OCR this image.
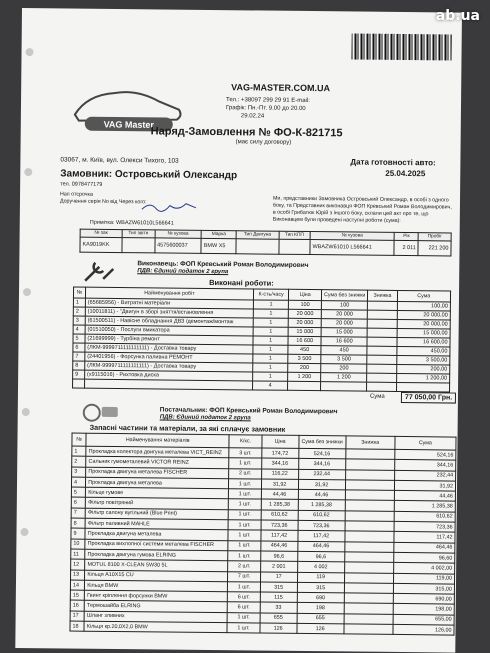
VAG Master
VAG-MASTER.COM.UA
Тел.: +38097 299 29 91 E-mail:
Графік: Пн.-Пт. 9.00 до 20.00
29.02.24
Наряд-Замовлення № ФО-К-821715
(має силу договору)
Дата готовності авто:
25.04.2025
03067, м. Київ, вул. Олекси Тихого, 103
Замовник: Островський Олександр
тел. 0978477179
Нап отсрочка
Доручення серія No від Через кого:	Ми, представники Замовника Островський Олександр, в особі з одного боку, та Представник виконавця ФОП Кревський Роман Володимирович, в особі Грибатюк Юрій з іншого боку, склали цей акт про те, що Виконавцем були проведені наступні роботи (сума):
Примітка: WBAZW61010L566641
№ зак	Тип звітн	№ кузова	Марка	Тип Двигуна	Тип КПП	№ кузова	Рік	Пробіг
KA9019KK		4575600037	BMW X5			WBAZW61010 L566641	2 011	221 200
Виконавець: ФОП Кревський Роман Володимирович
ПДВ: Єдиний податок 2 група
Виконані роботи:
№	Найменування робіт	К-сть/часу	Ціна	Сума без знижки	Знижка	Сума
1	(65685956) - Витратні матеріали	1	100	100		100,00
2	(10011811) - "Двигун в зборі зняття/встановлення	1	20 000	20 000		20 000,00
3	(61500511) - Навісне обладнання ДВЗ /демонтаж/монтаж	1	20 000	20 000		20 000,00
4	(01510050) - Послуги вмикатора	1	15 000	15 000		15 000,00
5	(21699999) - Турбіна ремонт	1	16 600	16 600		16 600,00
6	(ЛКМ-9999711111111111) - Доставка товару	1	450	450		450,00
7	(24401956) - Форсунка паливна РЕМОНТ	1	3 500	3 500		3 500,00
8	(ЛКМ-9999711111111111) - Доставка товару	1	200	200		200,00
9	(х9115016) - Рихтовка диска	1	1 200	1 200		1 200,00
		4				
Сума	77 050,00 Грн.
Постачальник: ФОП Кревський Роман Володимирович
ПДВ: Єдиний податок 2 група
Запасні частини та матеріали, за які сплачує замовник
№	Найменування матеріалів	К/кс.	Ціна	Сума без знижки	Знижка	Сума
1	Прокладка колектора двигуна металева VICT_REINZ	3 шт.	174,72	524,16		524,16
2	Сальник гумометалевий VICTOR REINZ	1 шт.	344,16	344,16		344,16
3	Прокладка двигуна металева FISCHER	2 шт.	116,22	232,44		232,44
4	Прокладка двигуна металева	1 шт.	31,92	31,92		31,92
5	Кільце гумове	1 шт.	44,46	44,46		44,46
6	Фільтр повітряний	1 шт.	1 285,38	1 285,38		1 285,38
7	Фільтр салону вугільний (Blue Print)	1 шт.	610,62	610,62		610,62
8	Фільтр паливний MAHLE	1 шт.	723,36	723,36		723,36
9	Прокладка двигуна металева	1 шт.	117,42	117,42		117,42
10	Прокладка вихлопної системи металева FISCHER	1 шт.	464,46	464,46		464,46
11	Прокладка двигуна гумова ELRING	1 шт.	96,6	96,6		96,60
12	MOTUL 8100 X-CLEAN 5W30 5L	2 шт.	2 001	4 002		4 002,00
13	Кільця A10X15 CU	7 шт.	17	119		119,00
14	Кільця BMW	1 шт.	315	315		315,00
15	Гвинт кріплення форсунки BMW	6 шт.	115	690		690,00
16	Термошайба ELRING	6 шт.	33	198		198,00
17	Шланг зливних	1 шт.	655	655		655,00
18	Кільця кр.20,0Х2,0 BMW	1 шт.	126	126		126,00
ab.ua
